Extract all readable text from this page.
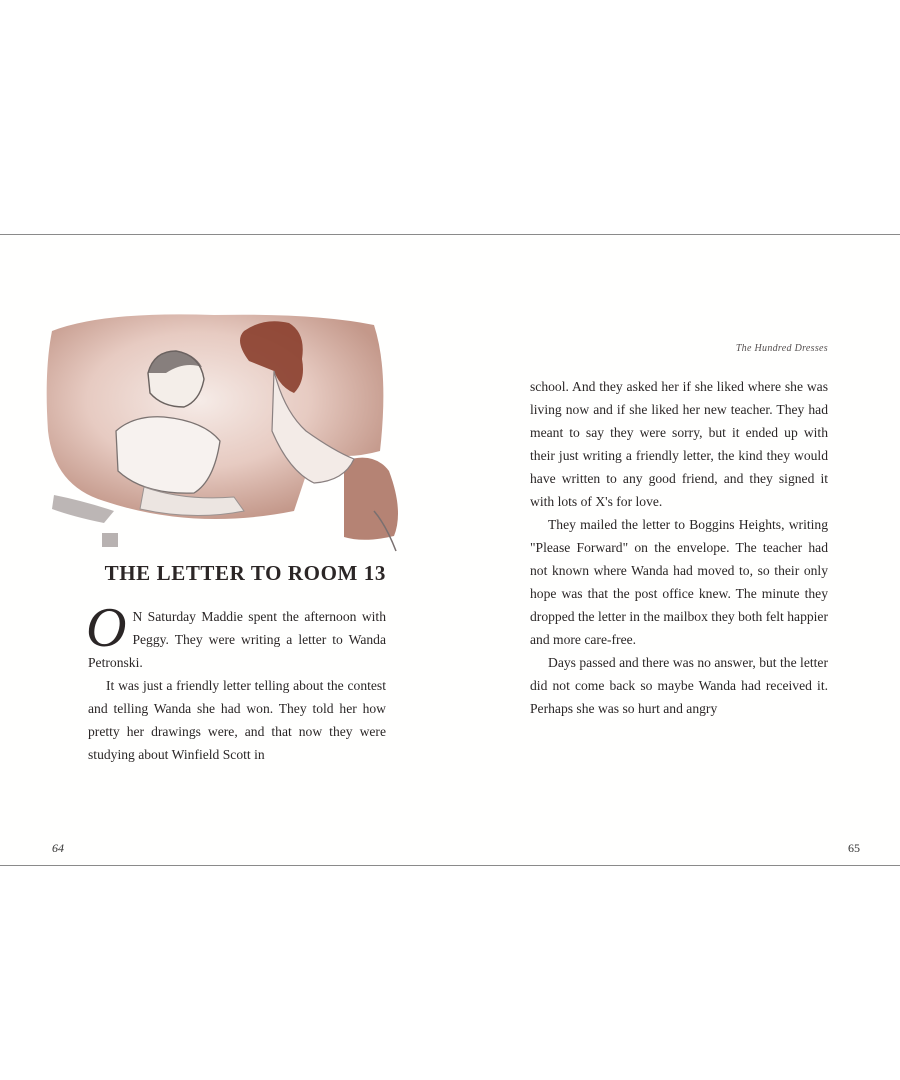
THE LETTER TO ROOM 13

O N Saturday Maddie spent the afternoon with Peggy. They were writing a letter to Wanda Petronski.

It was just a friendly letter telling about the contest and telling Wanda she had won. They told her how pretty her drawings were, and that now they were studying about Winfield Scott in

The Hundred Dresses

school. And they asked her if she liked where she was living now and if she liked her new teacher. They had meant to say they were sorry, but it ended up with their just writing a friendly letter, the kind they would have written to any good friend, and they signed it with lots of X's for love.

They mailed the letter to Boggins Heights, writing "Please Forward" on the envelope. The teacher had not known where Wanda had moved to, so their only hope was that the post office knew. The minute they dropped the letter in the mailbox they both felt happier and more care-free.

Days passed and there was no answer, but the letter did not come back so maybe Wanda had received it. Perhaps she was so hurt and angry

64	65
